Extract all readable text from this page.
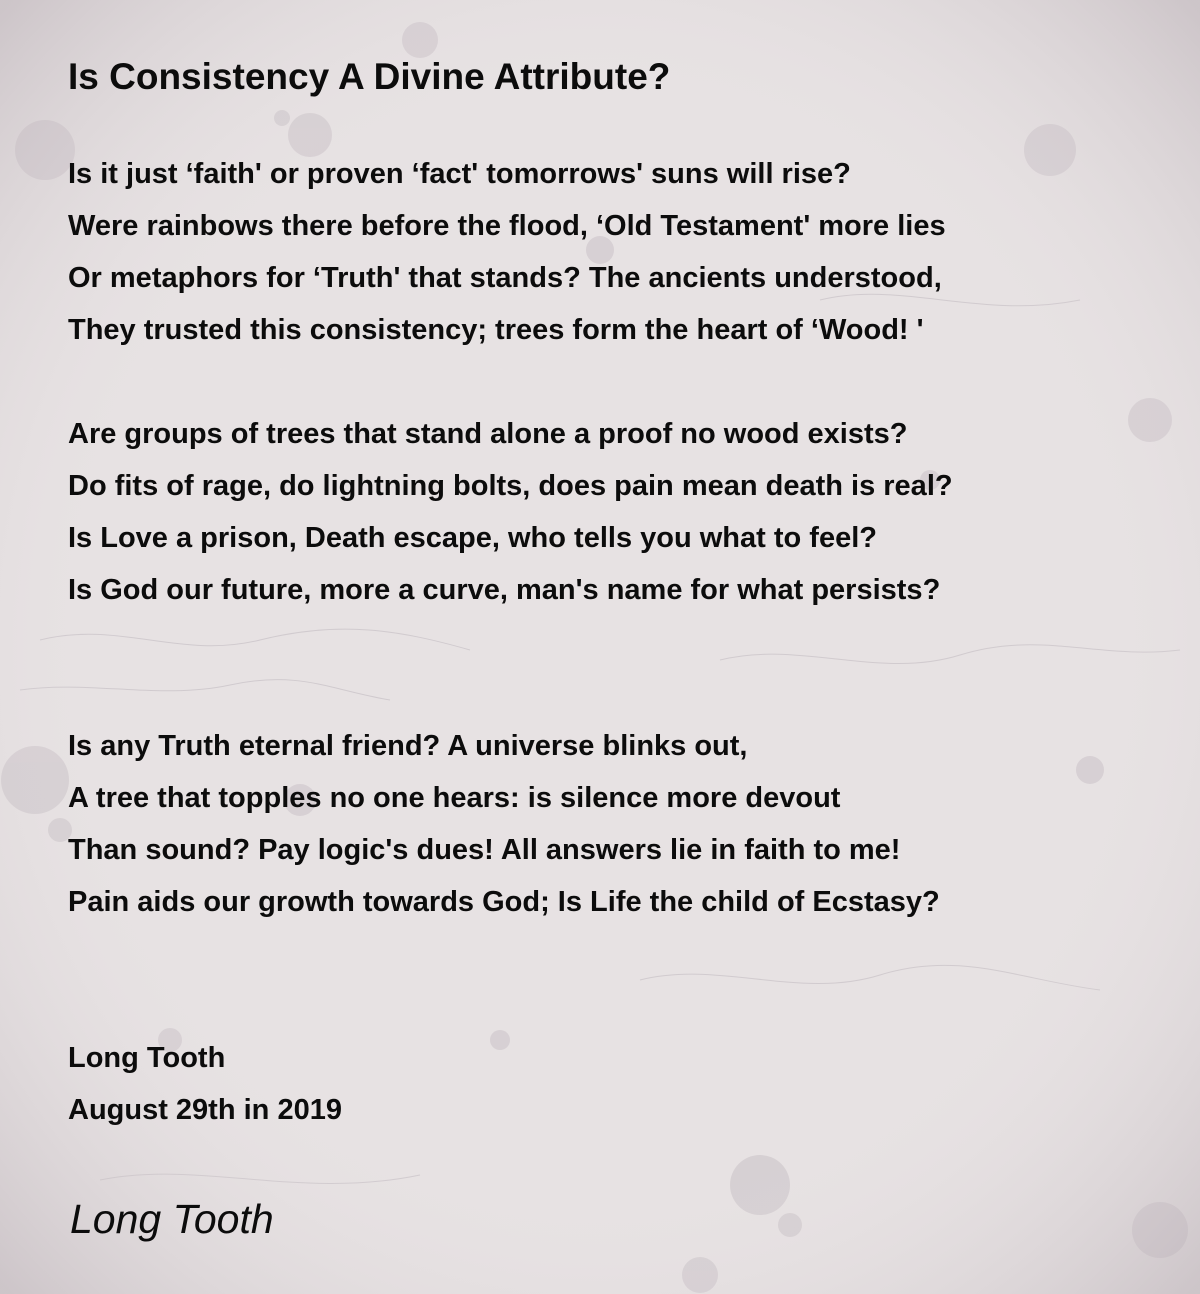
Is Consistency A Divine Attribute?

Is it just ‘faith' or proven ‘fact' tomorrows' suns will rise?

Were rainbows there before the flood, ‘Old Testament' more lies

Or metaphors for ‘Truth' that stands? The ancients understood,

They trusted this consistency; trees form the heart of ‘Wood! '

Are groups of trees that stand alone a proof no wood exists?

Do fits of rage, do lightning bolts, does pain mean death is real?

Is Love a prison, Death escape, who tells you what to feel?

Is God our future, more a curve, man's name for what persists?

Is any Truth eternal friend? A universe blinks out,

A tree that topples no one hears: is silence more devout

Than sound? Pay logic's dues! All answers lie in faith to me!

Pain aids our growth towards God; Is Life the child of Ecstasy?

Long Tooth

August 29th in 2019

Long Tooth
